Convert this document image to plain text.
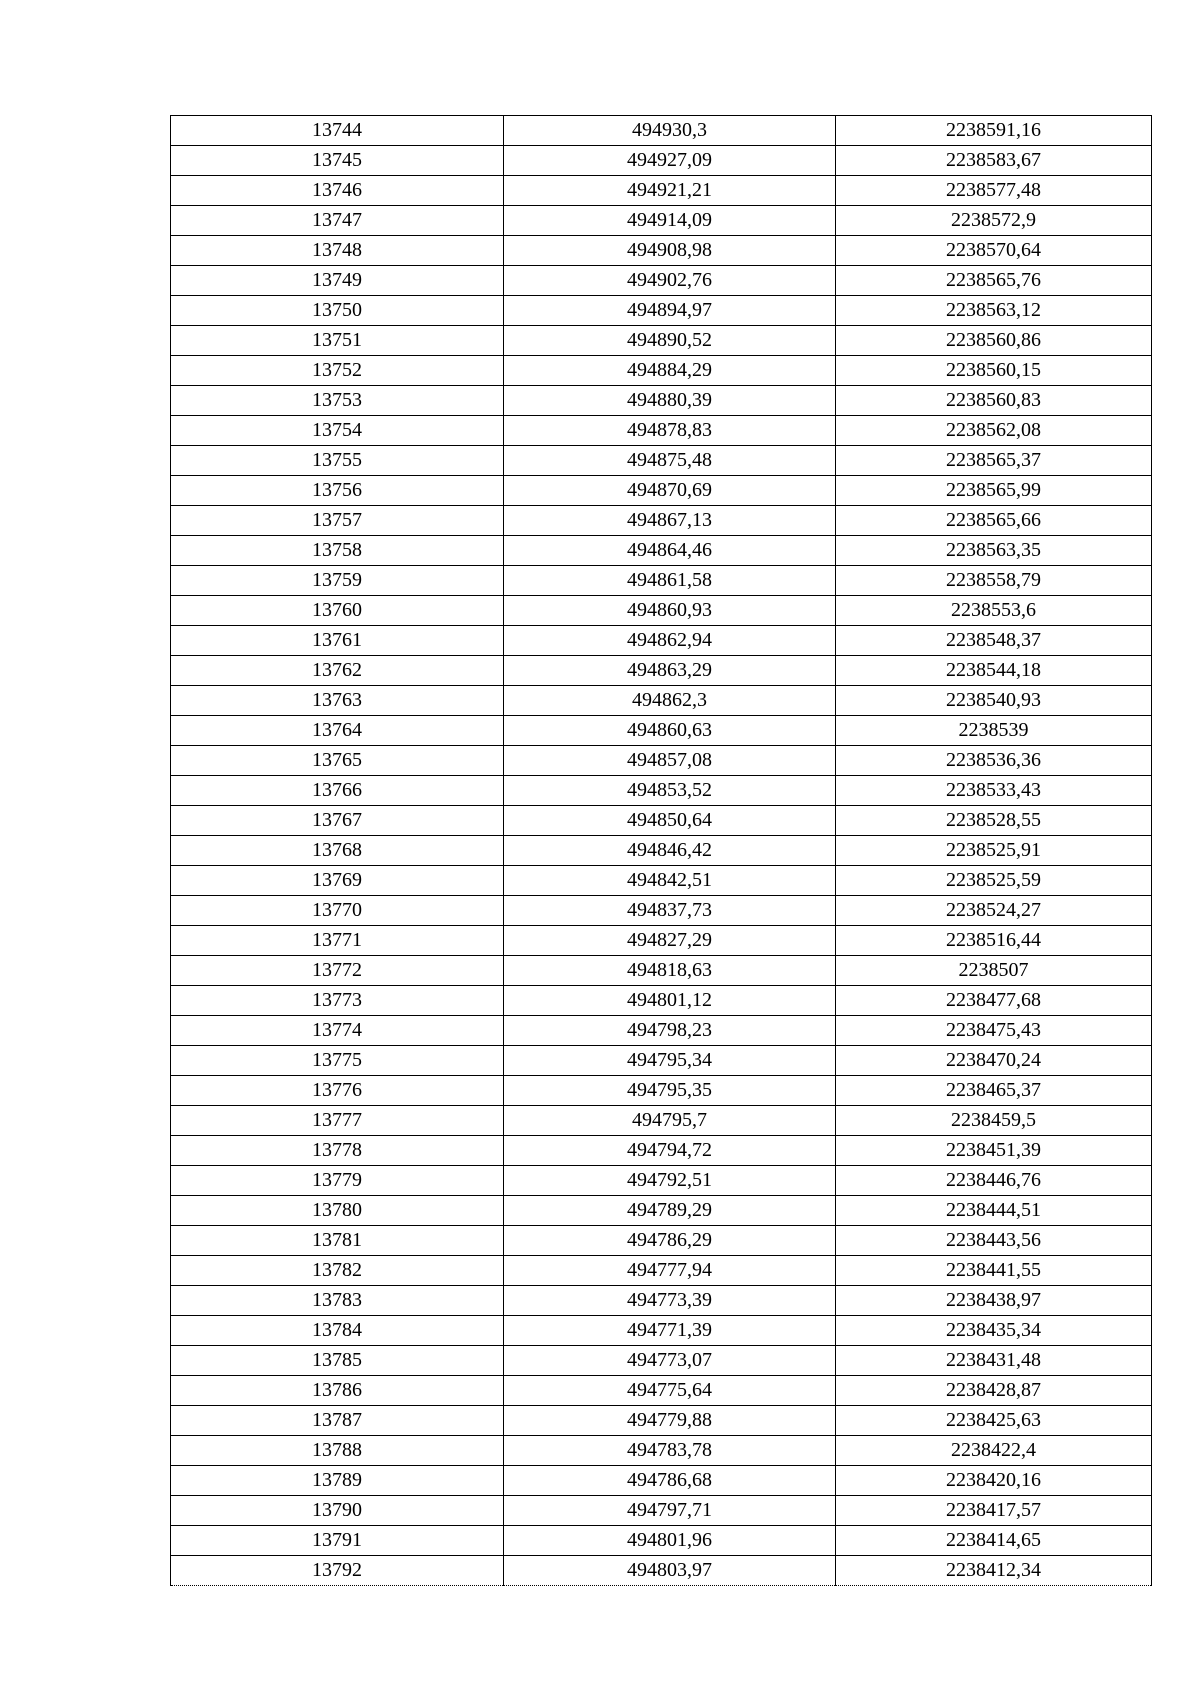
13744	494930,3	2238591,16
13745	494927,09	2238583,67
13746	494921,21	2238577,48
13747	494914,09	2238572,9
13748	494908,98	2238570,64
13749	494902,76	2238565,76
13750	494894,97	2238563,12
13751	494890,52	2238560,86
13752	494884,29	2238560,15
13753	494880,39	2238560,83
13754	494878,83	2238562,08
13755	494875,48	2238565,37
13756	494870,69	2238565,99
13757	494867,13	2238565,66
13758	494864,46	2238563,35
13759	494861,58	2238558,79
13760	494860,93	2238553,6
13761	494862,94	2238548,37
13762	494863,29	2238544,18
13763	494862,3	2238540,93
13764	494860,63	2238539
13765	494857,08	2238536,36
13766	494853,52	2238533,43
13767	494850,64	2238528,55
13768	494846,42	2238525,91
13769	494842,51	2238525,59
13770	494837,73	2238524,27
13771	494827,29	2238516,44
13772	494818,63	2238507
13773	494801,12	2238477,68
13774	494798,23	2238475,43
13775	494795,34	2238470,24
13776	494795,35	2238465,37
13777	494795,7	2238459,5
13778	494794,72	2238451,39
13779	494792,51	2238446,76
13780	494789,29	2238444,51
13781	494786,29	2238443,56
13782	494777,94	2238441,55
13783	494773,39	2238438,97
13784	494771,39	2238435,34
13785	494773,07	2238431,48
13786	494775,64	2238428,87
13787	494779,88	2238425,63
13788	494783,78	2238422,4
13789	494786,68	2238420,16
13790	494797,71	2238417,57
13791	494801,96	2238414,65
13792	494803,97	2238412,34
